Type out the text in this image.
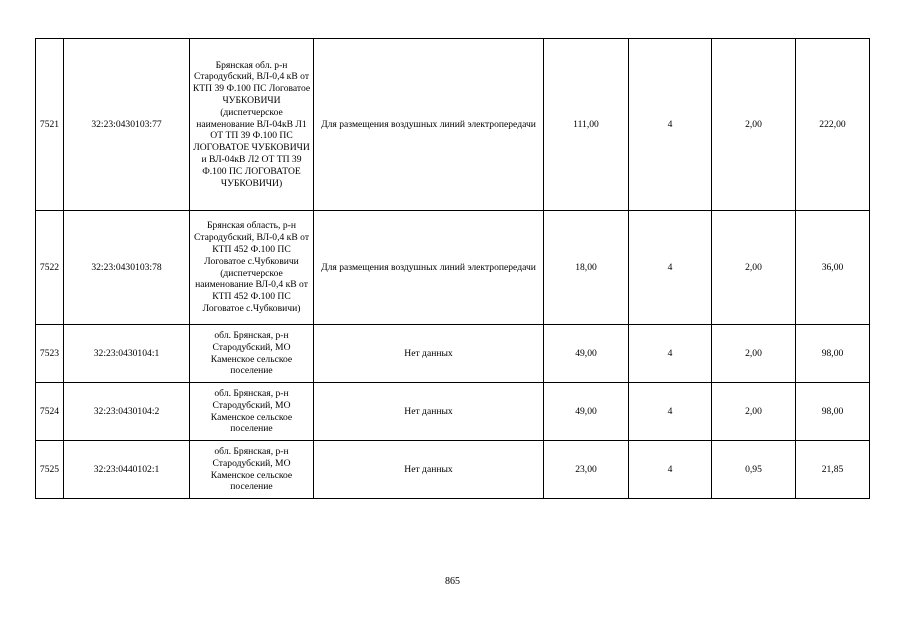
7521	32:23:0430103:77	Брянская обл. р-н Стародубский, ВЛ-0,4 кВ от КТП 39 Ф.100 ПС Логоватое ЧУБКОВИЧИ (диспетчерское наименование ВЛ-04кВ Л1 ОТ ТП 39 Ф.100 ПС ЛОГОВАТОЕ ЧУБКОВИЧИ и ВЛ-04кВ Л2 ОТ ТП 39 Ф.100 ПС ЛОГОВАТОЕ ЧУБКОВИЧИ)	Для размещения воздушных линий электропередачи	111,00	4	2,00	222,00
7522	32:23:0430103:78	Брянская область, р-н Стародубский, ВЛ-0,4 кВ от КТП 452 Ф.100 ПС Логоватое с.Чубковичи (диспетчерское наименование ВЛ-0,4 кВ от КТП 452 Ф.100 ПС Логоватое с.Чубковичи)	Для размещения воздушных линий электропередачи	18,00	4	2,00	36,00
7523	32:23:0430104:1	обл. Брянская, р-н Стародубский, МО Каменское сельское поселение	Нет данных	49,00	4	2,00	98,00
7524	32:23:0430104:2	обл. Брянская, р-н Стародубский, МО Каменское сельское поселение	Нет данных	49,00	4	2,00	98,00
7525	32:23:0440102:1	обл. Брянская, р-н Стародубский, МО Каменское сельское поселение	Нет данных	23,00	4	0,95	21,85
865
